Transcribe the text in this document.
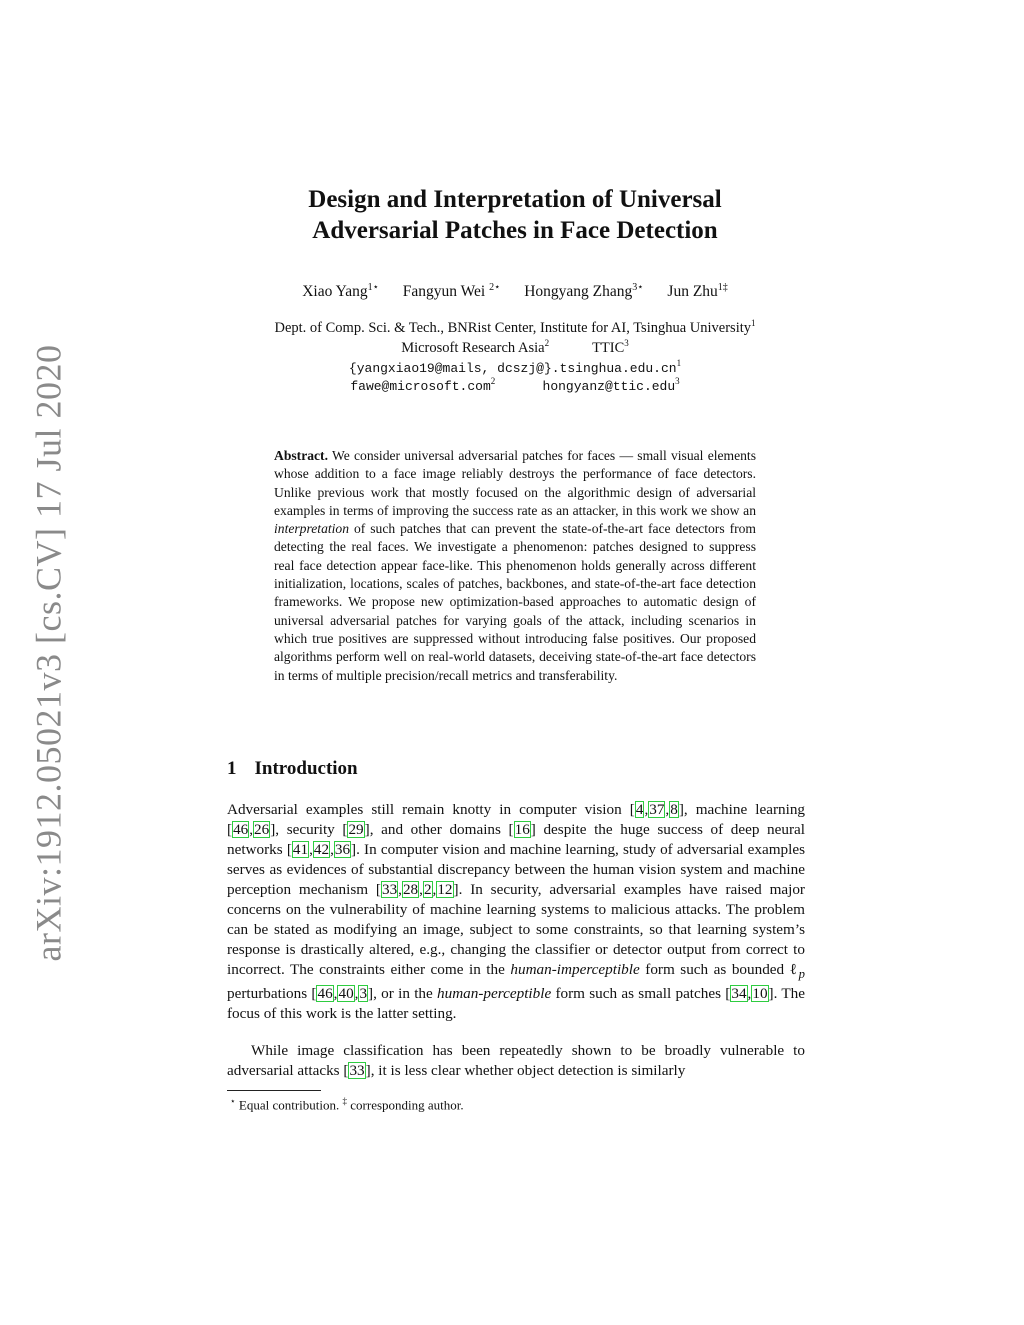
arXiv:1912.05021v3 [cs.CV] 17 Jul 2020
Design and Interpretation of Universal
Adversarial Patches in Face Detection
Xiao Yang$^{1⋆}$ Fangyun Wei $^{2⋆}$ Hongyang Zhang$^{3⋆}$ Jun Zhu$^{1\ddagger}$
Dept. of Comp. Sci. & Tech., BNRist Center, Institute for AI, Tsinghua University$^1$
Microsoft Research Asia$^2$	TTIC$^3$
{yangxiao19@mails, $dcszj@\}.tsinghua.edu.cn^1$
fawe@microsoft.com$^2$	hongyanz@ttic.edu$^3$

Abstract. We consider universal adversarial patches for faces — small visual elements whose addition to a face image reliably destroys the performance of face detectors. Unlike previous work that mostly focused on the algorithmic design of adversarial examples in terms of improving the success rate as an attacker, in this work we show an interpretation of such patches that can prevent the state-of-the-art face detectors from detecting the real faces. We investigate a phenomenon: patches designed to suppress real face detection appear face-like. This phenomenon holds generally across different initialization, locations, scales of patches, backbones, and state-of-the-art face detection frameworks. We propose new optimization-based approaches to automatic design of universal adversarial patches for varying goals of the attack, including scenarios in which true positives are suppressed without introducing false positives. Our proposed algorithms perform well on real-world datasets, deceiving state-of-the-art face detectors in terms of multiple precision/recall metrics and transferability.

1 Introduction

Adversarial examples still remain knotty in computer vision [4,37,8], machine learning [46,26], security [29], and other domains [16] despite the huge success of deep neural networks [41,42,36]. In computer vision and machine learning, study of adversarial examples serves as evidences of substantial discrepancy between the human vision system and machine perception mechanism [33,28,2,12]. In security, adversarial examples have raised major concerns on the vulnerability of machine learning systems to malicious attacks. The problem can be stated as modifying an image, subject to some constraints, so that learning system’s response is drastically altered, e.g., changing the classifier or detector output from correct to incorrect. The constraints either come in the human-imperceptible form such as bounded ℓ$_p$ perturbations [46,40,3], or in the human-perceptible form such as small patches [34,10]. The focus of this work is the latter setting.

While image classification has been repeatedly shown to be broadly vulnerable to adversarial attacks [33], it is less clear whether object detection is similarly

⋆ Equal contribution. ‡ corresponding author.
